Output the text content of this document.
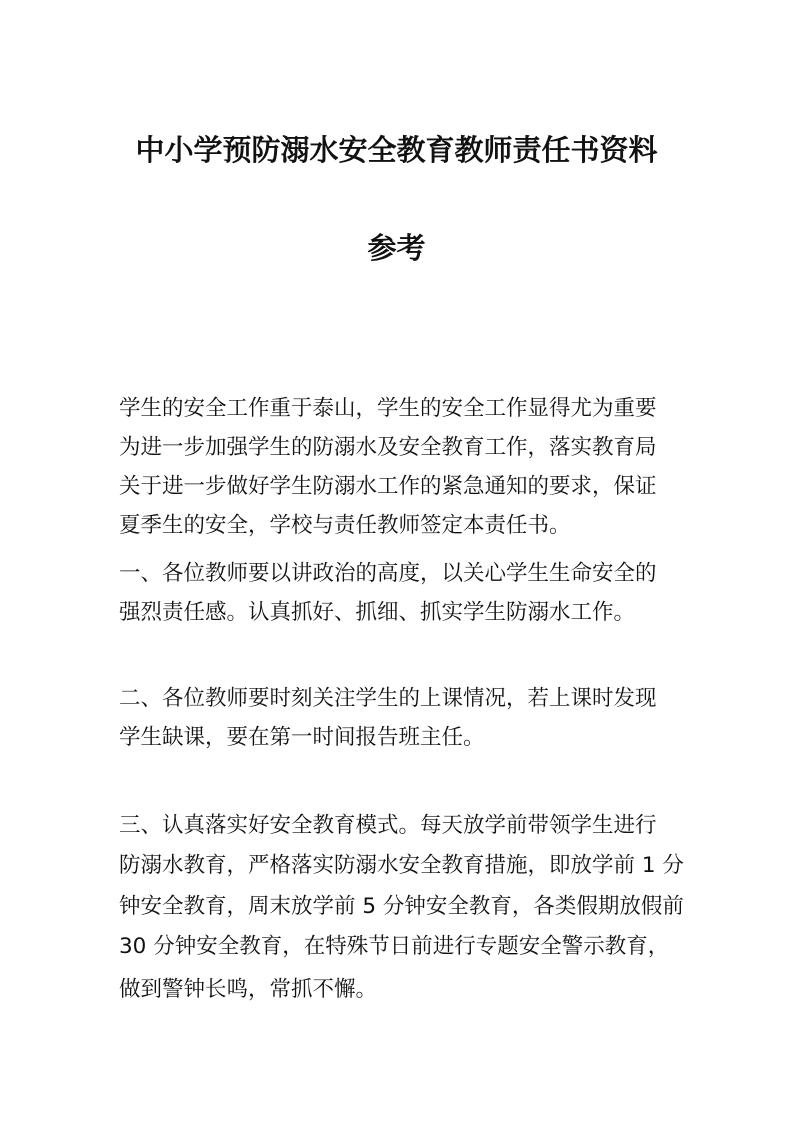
中小学预防溺水安全教育教师责任书资料
参考
学生的安全工作重于泰山，学生的安全工作显得尤为重要
为进一步加强学生的防溺水及安全教育工作，落实教育局
关于进一步做好学生防溺水工作的紧急通知的要求，保证
夏季生的安全，学校与责任教师签定本责任书。
一、各位教师要以讲政治的高度，以关心学生生命安全的
强烈责任感。认真抓好、抓细、抓实学生防溺水工作。
二、各位教师要时刻关注学生的上课情况，若上课时发现
学生缺课，要在第一时间报告班主任。
三、认真落实好安全教育模式。每天放学前带领学生进行
防溺水教育，严格落实防溺水安全教育措施，即放学前 1 分
钟安全教育，周末放学前 5 分钟安全教育，各类假期放假前
30 分钟安全教育，在特殊节日前进行专题安全警示教育，
做到警钟长鸣，常抓不懈。
